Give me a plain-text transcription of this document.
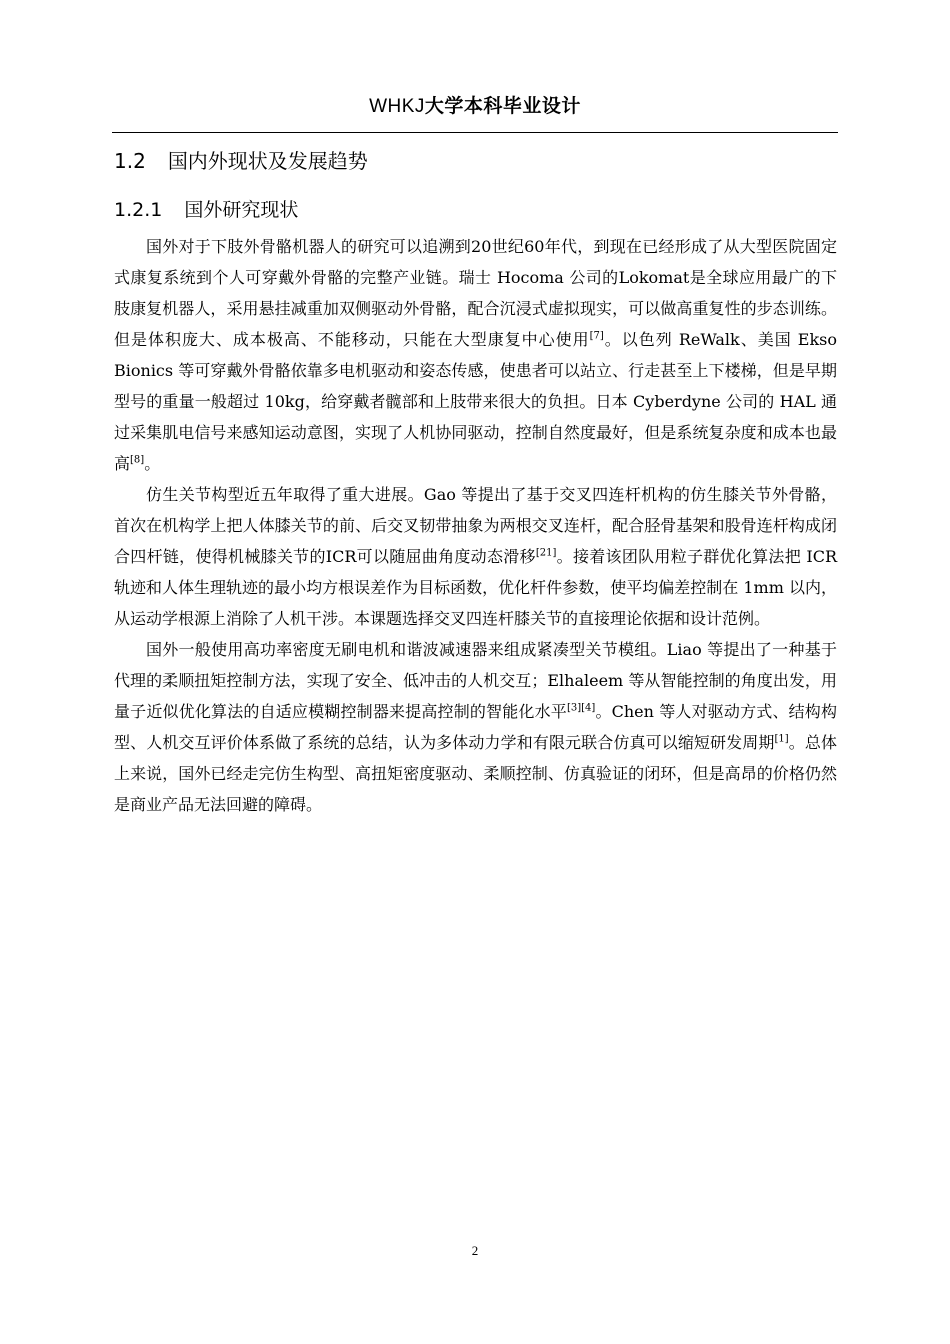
WHKJ大学本科毕业设计
1.2 国内外现状及发展趋势
1.2.1 国外研究现状

国外对于下肢外骨骼机器人的研究可以追溯到20世纪60年代，到现在已经形成了从大型医院固定式康复系统到个人可穿戴外骨骼的完整产业链。瑞士 Hocoma 公司的Lokomat是全球应用最广的下肢康复机器人，采用悬挂减重加双侧驱动外骨骼，配合沉浸式虚拟现实，可以做高重复性的步态训练。但是体积庞大、成本极高、不能移动，只能在大型康复中心使用[7]。以色列 ReWalk、美国 Ekso Bionics 等可穿戴外骨骼依靠多电机驱动和姿态传感，使患者可以站立、行走甚至上下楼梯，但是早期型号的重量一般超过 10kg，给穿戴者髋部和上肢带来很大的负担。日本 Cyberdyne 公司的 HAL 通过采集肌电信号来感知运动意图，实现了人机协同驱动，控制自然度最好，但是系统复杂度和成本也最高[8]。

仿生关节构型近五年取得了重大进展。Gao 等提出了基于交叉四连杆机构的仿生膝关节外骨骼，首次在机构学上把人体膝关节的前、后交叉韧带抽象为两根交叉连杆，配合胫骨基架和股骨连杆构成闭合四杆链，使得机械膝关节的ICR可以随屈曲角度动态滑移[21]。接着该团队用粒子群优化算法把 ICR 轨迹和人体生理轨迹的最小均方根误差作为目标函数，优化杆件参数，使平均偏差控制在 1mm 以内，从运动学根源上消除了人机干涉。本课题选择交叉四连杆膝关节的直接理论依据和设计范例。

国外一般使用高功率密度无刷电机和谐波减速器来组成紧凑型关节模组。Liao 等提出了一种基于代理的柔顺扭矩控制方法，实现了安全、低冲击的人机交互；Elhaleem 等从智能控制的角度出发，用量子近似优化算法的自适应模糊控制器来提高控制的智能化水平[3][4]。Chen 等人对驱动方式、结构构型、人机交互评价体系做了系统的总结，认为多体动力学和有限元联合仿真可以缩短研发周期[1]。总体上来说，国外已经走完仿生构型、高扭矩密度驱动、柔顺控制、仿真验证的闭环，但是高昂的价格仍然是商业产品无法回避的障碍。

2
